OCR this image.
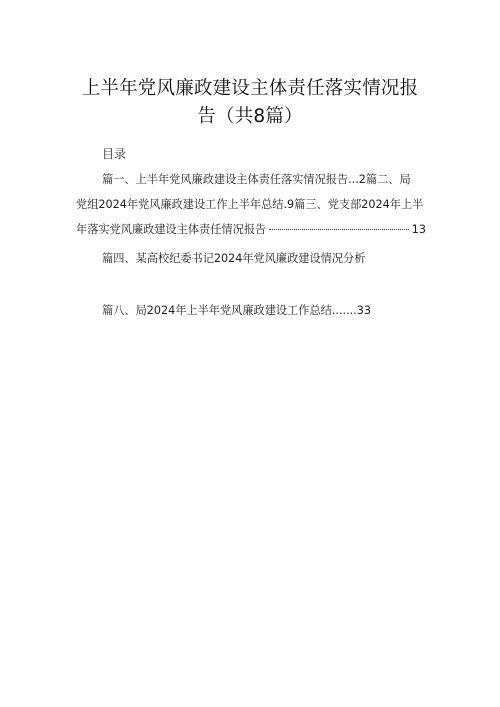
上半年党风廉政建设主体责任落实情况报
告（共8篇）
目录
篇一、上半年党风廉政建设主体责任落实情况报告...2篇二、局
党组2024年党风廉政建设工作上半年总结.9篇三、党支部2024年上半
年落实党风廉政建设主体责任情况报告	13
篇四、某高校纪委书记2024年党风廉政建设情况分析
篇八、局2024年上半年党风廉政建设工作总结.......33
